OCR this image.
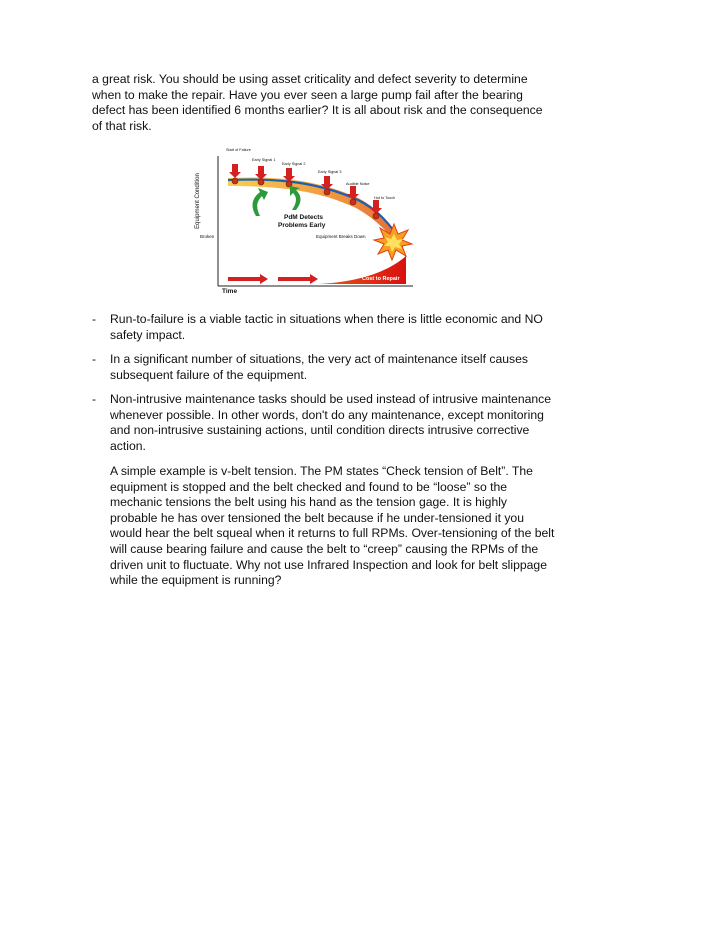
a great risk. You should be using asset criticality and defect severity to determine when to make the repair. Have you ever seen a large pump fail after the bearing defect has been identified 6 months earlier? It is all about risk and the consequence of that risk.

Equipment Condition
Time
PdM Detects
Problems Early
Broken	Equipment Breaks Down
Cost to Repair
Start of Failure
Early Signal 1
Early Signal 2
Early Signal 3
Audible Noise
Hot to Touch
- Run-to-failure is a viable tactic in situations when there is little economic and NO safety impact.
- In a significant number of situations, the very act of maintenance itself causes subsequent failure of the equipment.
- Non-intrusive maintenance tasks should be used instead of intrusive maintenance whenever possible. In other words, don't do any maintenance, except monitoring and non-intrusive sustaining actions, until condition directs intrusive corrective action.

A simple example is v-belt tension. The PM states “Check tension of Belt”. The equipment is stopped and the belt checked and found to be “loose” so the mechanic tensions the belt using his hand as the tension gage. It is highly probable he has over tensioned the belt because if he under-tensioned it you would hear the belt squeal when it returns to full RPMs. Over-tensioning of the belt will cause bearing failure and cause the belt to “creep” causing the RPMs of the driven unit to fluctuate. Why not use Infrared Inspection and look for belt slippage while the equipment is running?
